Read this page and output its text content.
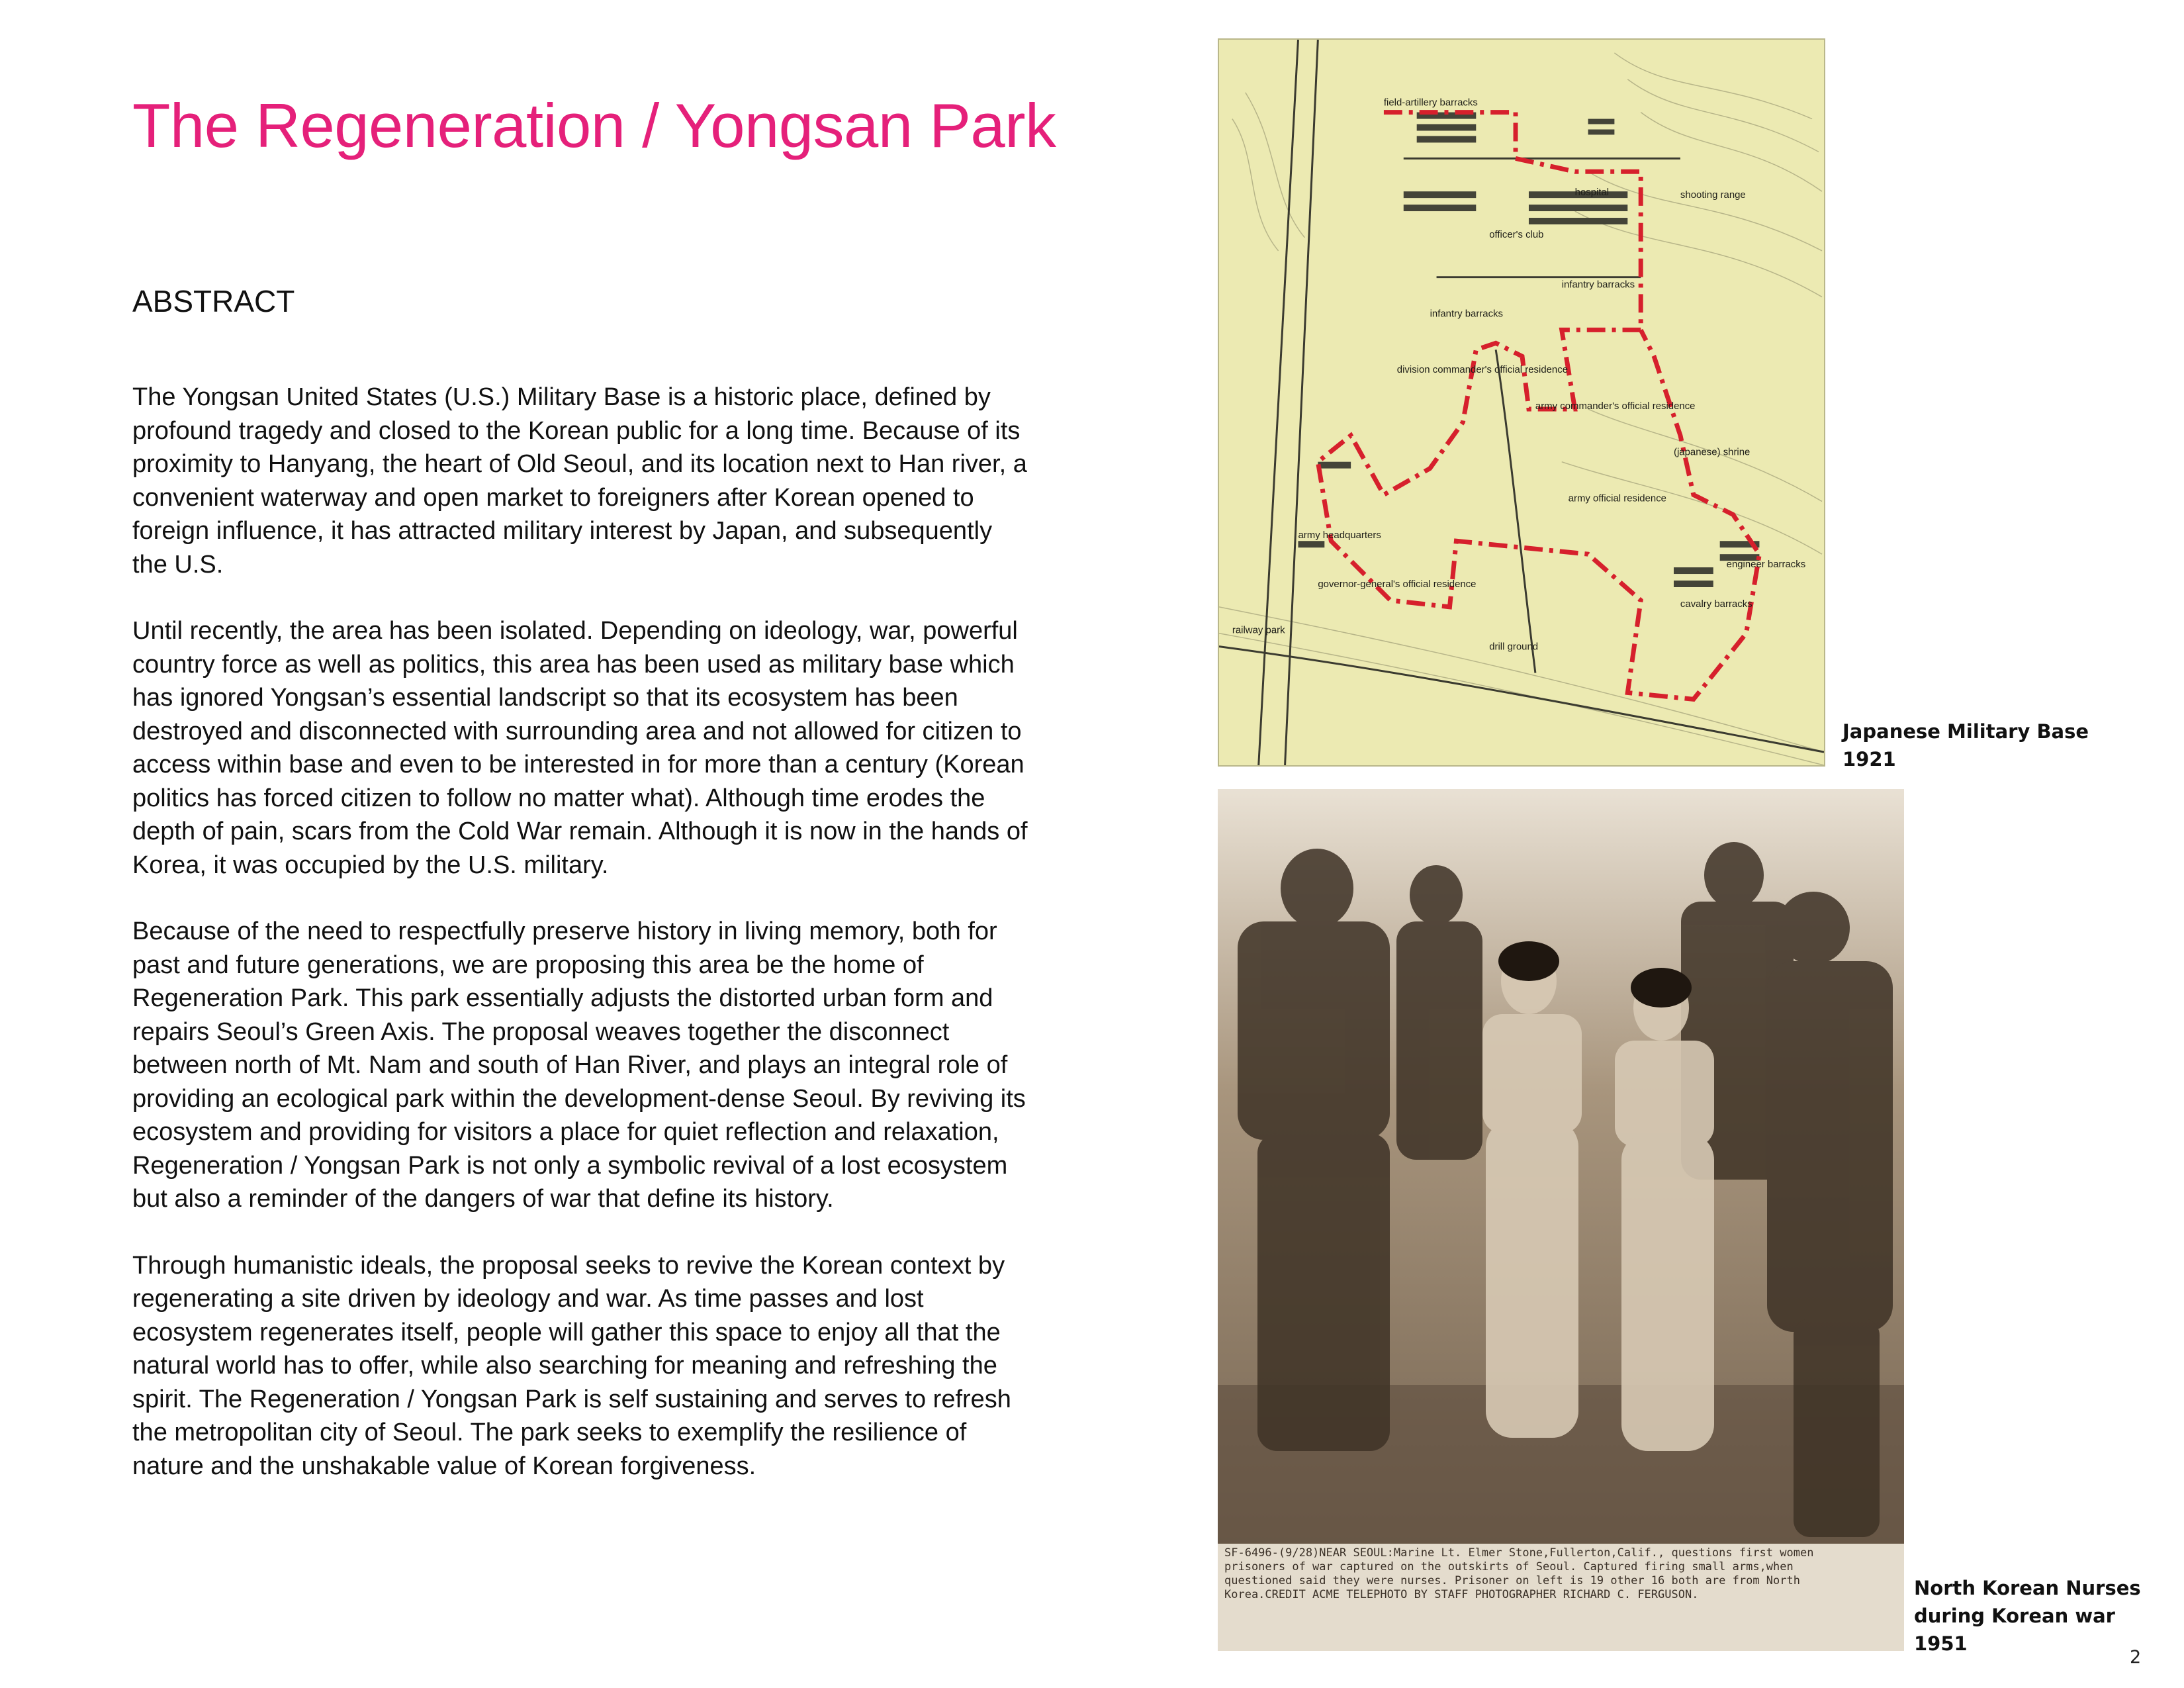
The Regeneration / Yongsan Park
ABSTRACT

The Yongsan United States (U.S.) Military Base is a historic place, defined by profound tragedy and closed to the Korean public for a long time. Because of its proximity to Hanyang, the heart of Old Seoul, and its location next to Han river, a convenient waterway and open market to foreigners after Korean opened to foreign influence, it has attracted military interest by Japan, and subsequently the U.S.

Until recently, the area has been isolated. Depending on ideology, war, powerful country force as well as politics, this area has been used as military base which has ignored Yongsan’s essential landscript so that its ecosystem has been destroyed and disconnected with surrounding area and not allowed for citizen to access within base and even to be interested in for more than a century (Korean politics has forced citizen to follow no matter what). Although time erodes the depth of pain, scars from the Cold War remain. Although it is now in the hands of Korea, it was occupied by the U.S. military.

Because of the need to respectfully preserve history in living memory, both for past and future generations, we are proposing this area be the home of Regeneration Park. This park essentially adjusts the distorted urban form and repairs Seoul’s Green Axis. The proposal weaves together the disconnect between north of Mt. Nam and south of Han River, and plays an integral role of providing an ecological park within the development-dense Seoul. By reviving its ecosystem and providing for visitors a place for quiet reflection and relaxation, Regeneration / Yongsan Park is not only a symbolic revival of a lost ecosystem but also a reminder of the dangers of war that define its history.

Through humanistic ideals, the proposal seeks to revive the Korean context by regenerating a site driven by ideology and war. As time passes and lost ecosystem regenerates itself, people will gather this space to enjoy all that the natural world has to offer, while also searching for meaning and refreshing the spirit. The Regeneration / Yongsan Park is self sustaining and serves to refresh the metropolitan city of Seoul. The park seeks to exemplify the resilience of nature and the unshakable value of Korean forgiveness.

field-artillery barracks
hospital	shooting range
officer's club
infantry barracks
infantry barracks
division commander's official residence
army commander's official residence
(japanese) shrine
army official residence
army headquarters
governor-general's official residence
engineer barracks
cavalry barracks
drill ground
railway park
Japanese Military Base
1921
SF-6496-(9/28)NEAR SEOUL:Marine Lt. Elmer Stone,Fullerton,Calif., questions first women prisoners of war captured on the outskirts of Seoul. Captured firing small arms,when questioned said they were nurses. Prisoner on left is 19 other 16 both are from North Korea.CREDIT ACME TELEPHOTO BY STAFF PHOTOGRAPHER RICHARD C. FERGUSON.	North Korean Nurses
during Korean war
1951
2
